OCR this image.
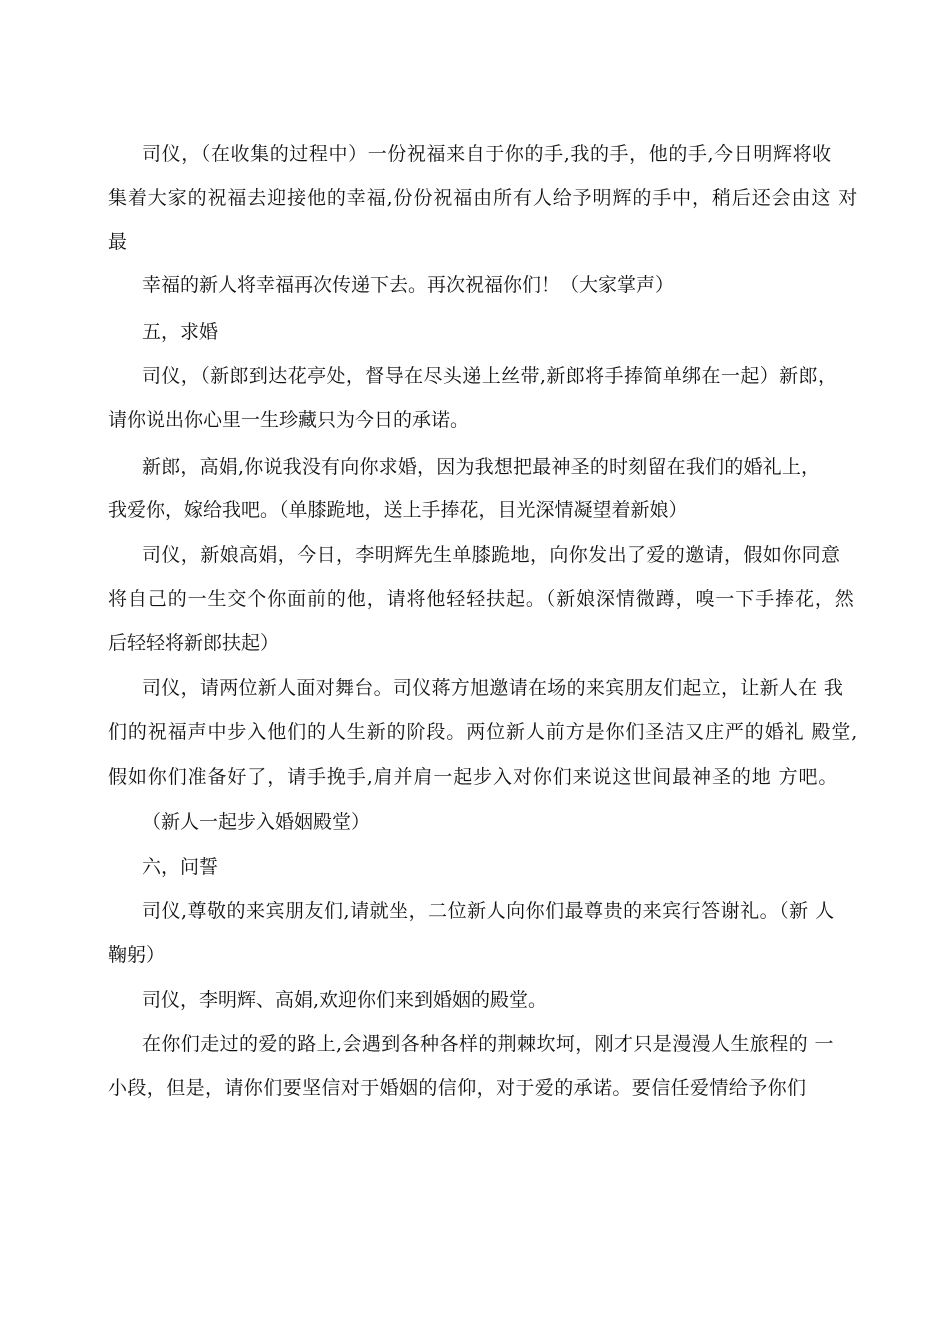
司仪，（在收集的过程中）一份祝福来自于你的手,我的手，他的手,今日明辉将收

集着大家的祝福去迎接他的幸福,份份祝福由所有人给予明辉的手中，稍后还会由这 对

最

幸福的新人将幸福再次传递下去。再次祝福你们！（大家掌声）

五，求婚

司仪，（新郎到达花亭处，督导在尽头递上丝带,新郎将手捧简单绑在一起）新郎，

请你说出你心里一生珍藏只为今日的承诺。

新郎，高娟,你说我没有向你求婚，因为我想把最神圣的时刻留在我们的婚礼上，

我爱你，嫁给我吧。（单膝跪地，送上手捧花，目光深情凝望着新娘）

司仪，新娘高娟，今日，李明辉先生单膝跪地，向你发出了爱的邀请，假如你同意

将自己的一生交个你面前的他，请将他轻轻扶起。（新娘深情微蹲，嗅一下手捧花，然

后轻轻将新郎扶起）

司仪，请两位新人面对舞台。司仪蒋方旭邀请在场的来宾朋友们起立，让新人在 我

们的祝福声中步入他们的人生新的阶段。两位新人前方是你们圣洁又庄严的婚礼 殿堂,

假如你们准备好了，请手挽手,肩并肩一起步入对你们来说这世间最神圣的地 方吧。

（新人一起步入婚姻殿堂）

六，问誓

司仪,尊敬的来宾朋友们,请就坐，二位新人向你们最尊贵的来宾行答谢礼。（新 人

鞠躬）

司仪，李明辉、高娟,欢迎你们来到婚姻的殿堂。

在你们走过的爱的路上,会遇到各种各样的荆棘坎坷，刚才只是漫漫人生旅程的 一

小段，但是，请你们要坚信对于婚姻的信仰，对于爱的承诺。要信任爱情给予你们
